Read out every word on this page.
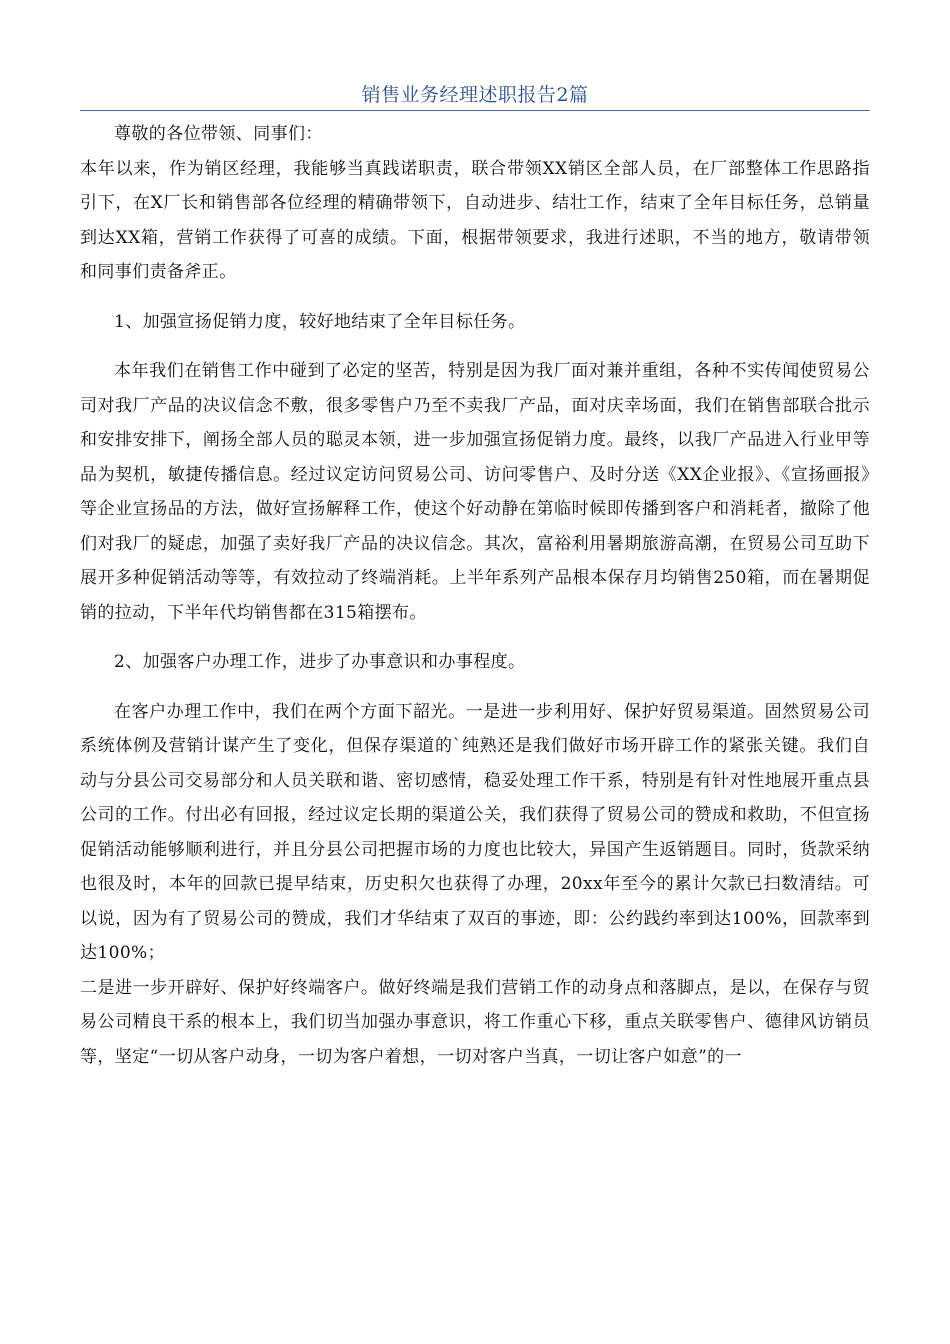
销售业务经理述职报告2篇

尊敬的各位带领、同事们：

本年以来，作为销区经理，我能够当真践诺职责，联合带领XX销区全部人员，在厂部整体工作思路指引下，在X厂长和销售部各位经理的精确带领下，自动进步、结壮工作，结束了全年目标任务，总销量到达XX箱，营销工作获得了可喜的成绩。下面，根据带领要求，我进行述职，不当的地方，敬请带领和同事们责备斧正。

1、加强宣扬促销力度，较好地结束了全年目标任务。

本年我们在销售工作中碰到了必定的坚苦，特别是因为我厂面对兼并重组，各种不实传闻使贸易公司对我厂产品的决议信念不敷，很多零售户乃至不卖我厂产品，面对庆幸场面，我们在销售部联合批示和安排安排下，阐扬全部人员的聪灵本领，进一步加强宣扬促销力度。最终，以我厂产品进入行业甲等品为契机，敏捷传播信息。经过议定访问贸易公司、访问零售户、及时分送《XX企业报》、《宣扬画报》等企业宣扬品的方法，做好宣扬解释工作，使这个好动静在第临时候即传播到客户和消耗者，撤除了他们对我厂的疑虑，加强了卖好我厂产品的决议信念。其次，富裕利用暑期旅游高潮，在贸易公司互助下展开多种促销活动等等，有效拉动了终端消耗。上半年系列产品根本保存月均销售250箱，而在暑期促销的拉动，下半年代均销售都在315箱摆布。

2、加强客户办理工作，进步了办事意识和办事程度。

在客户办理工作中，我们在两个方面下韶光。一是进一步利用好、保护好贸易渠道。固然贸易公司系统体例及营销计谋产生了变化，但保存渠道的`纯熟还是我们做好市场开辟工作的紧张关键。我们自动与分县公司交易部分和人员关联和谐、密切感情，稳妥处理工作干系，特别是有针对性地展开重点县公司的工作。付出必有回报，经过议定长期的渠道公关，我们获得了贸易公司的赞成和救助，不但宣扬促销活动能够顺利进行，并且分县公司把握市场的力度也比较大，异国产生返销题目。同时，货款采纳也很及时，本年的回款已提早结束，历史积欠也获得了办理，20xx年至今的累计欠款已扫数清结。可以说，因为有了贸易公司的赞成，我们才华结束了双百的事迹，即：公约践约率到达100%，回款率到达100%；

二是进一步开辟好、保护好终端客户。做好终端是我们营销工作的动身点和落脚点，是以，在保存与贸易公司精良干系的根本上，我们切当加强办事意识，将工作重心下移，重点关联零售户、德律风访销员等，坚定“一切从客户动身，一切为客户着想，一切对客户当真，一切让客户如意”的一
